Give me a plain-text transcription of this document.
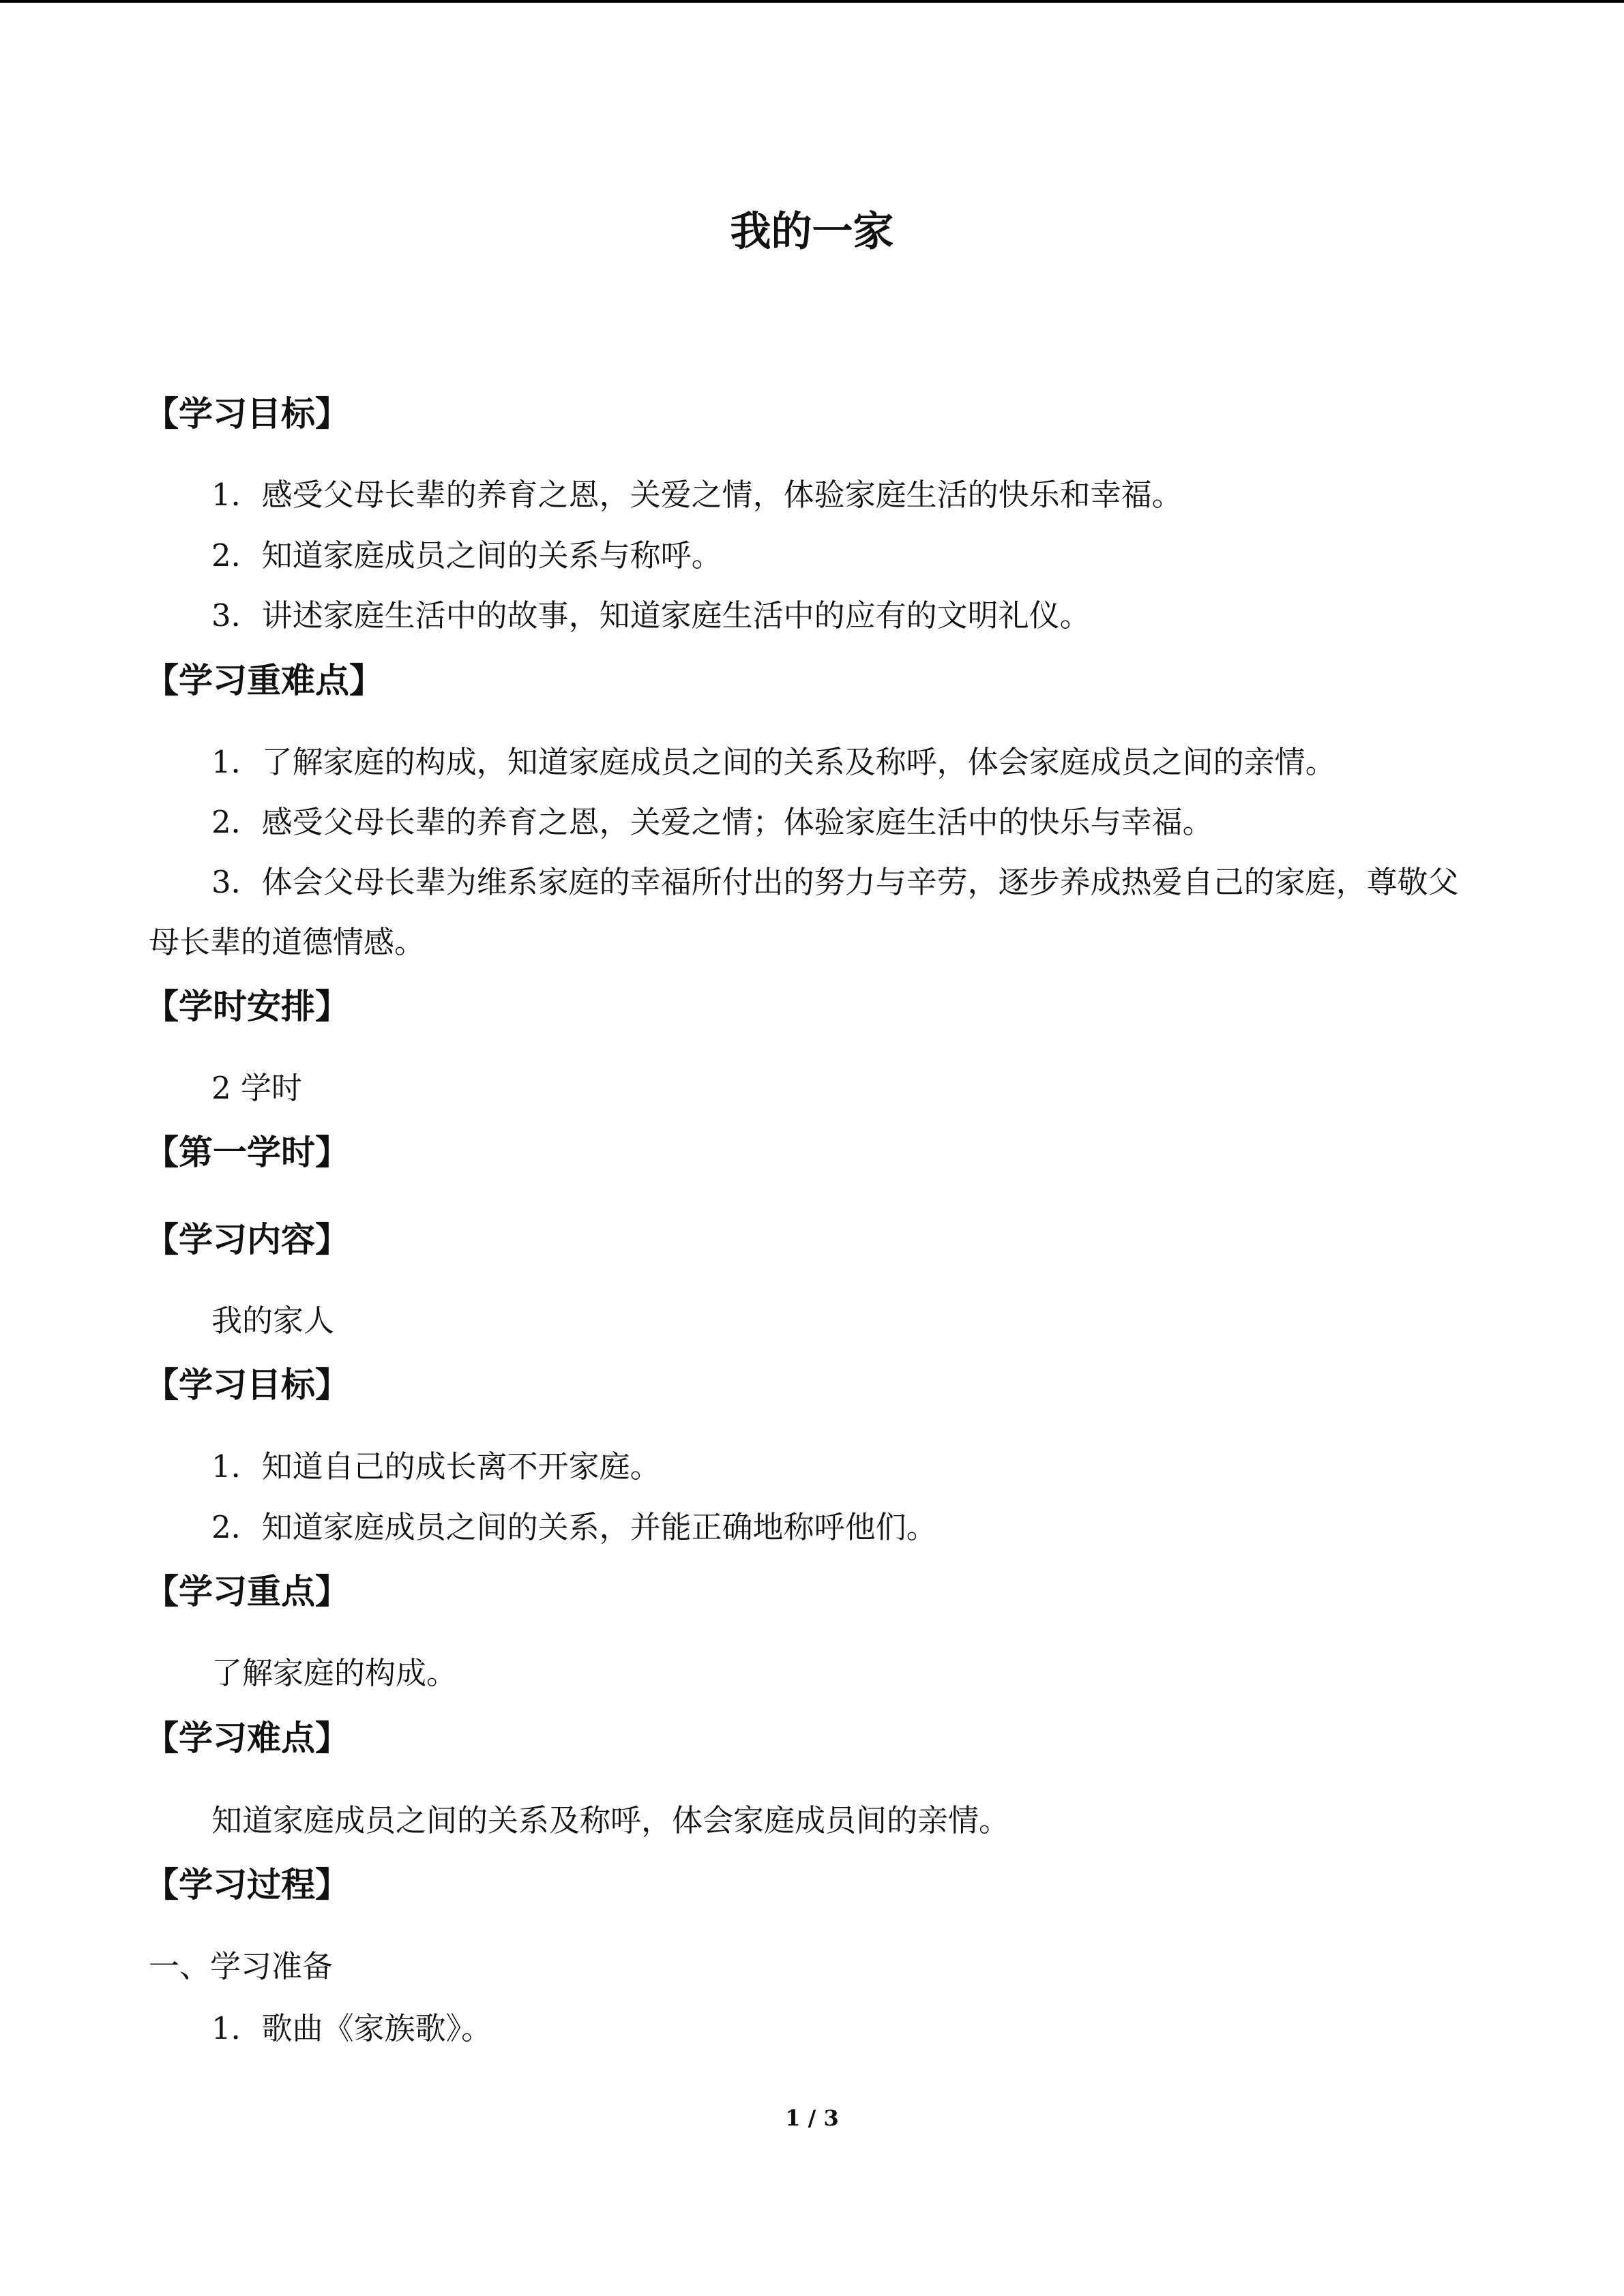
我的一家
【学习目标】

1．感受父母长辈的养育之恩，关爱之情，体验家庭生活的快乐和幸福。

2．知道家庭成员之间的关系与称呼。

3．讲述家庭生活中的故事，知道家庭生活中的应有的文明礼仪。

【学习重难点】

1．了解家庭的构成，知道家庭成员之间的关系及称呼，体会家庭成员之间的亲情。

2．感受父母长辈的养育之恩，关爱之情；体验家庭生活中的快乐与幸福。

3．体会父母长辈为维系家庭的幸福所付出的努力与辛劳，逐步养成热爱自己的家庭，尊敬父母长辈的道德情感。

【学时安排】

2 学时

【第一学时】
【学习内容】

我的家人

【学习目标】

1．知道自己的成长离不开家庭。

2．知道家庭成员之间的关系，并能正确地称呼他们。

【学习重点】

了解家庭的构成。

【学习难点】

知道家庭成员之间的关系及称呼，体会家庭成员间的亲情。

【学习过程】

一、学习准备

1．歌曲《家族歌》。

1 / 3
